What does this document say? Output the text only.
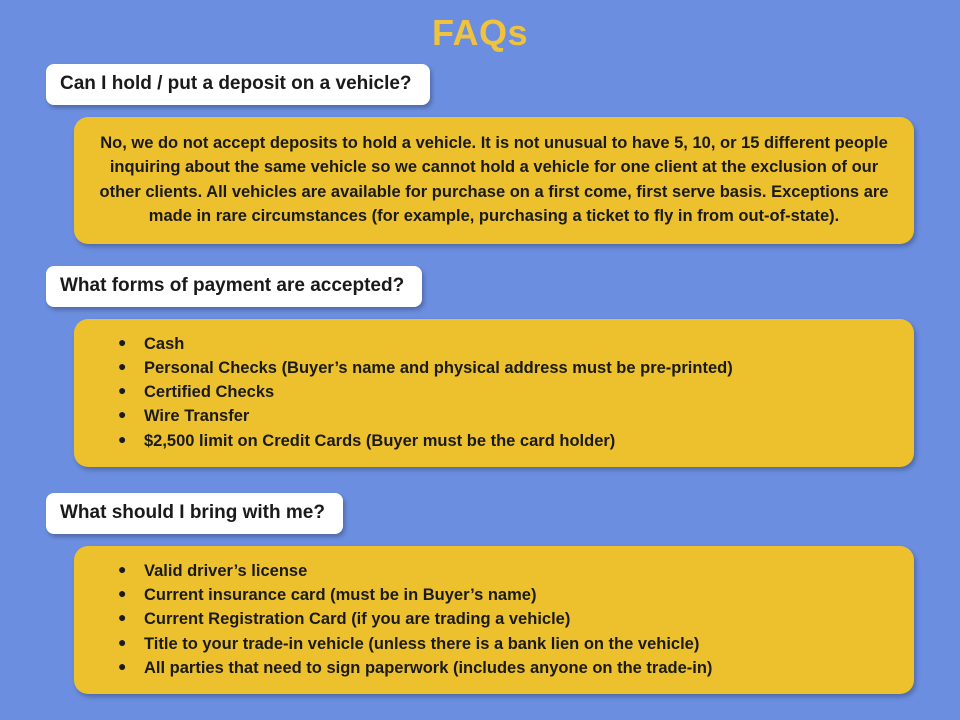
FAQs
Can I hold / put a deposit on a vehicle?
No, we do not accept deposits to hold a vehicle. It is not unusual to have 5, 10, or 15 different people inquiring about the same vehicle so we cannot hold a vehicle for one client at the exclusion of our other clients. All vehicles are available for purchase on a first come, first serve basis. Exceptions are made in rare circumstances (for example, purchasing a ticket to fly in from out-of-state).
What forms of payment are accepted?
● Cash
● Personal Checks (Buyer’s name and physical address must be pre-printed)
● Certified Checks
● Wire Transfer
● $2,500 limit on Credit Cards (Buyer must be the card holder)
What should I bring with me?
● Valid driver’s license
● Current insurance card (must be in Buyer’s name)
● Current Registration Card (if you are trading a vehicle)
● Title to your trade-in vehicle (unless there is a bank lien on the vehicle)
● All parties that need to sign paperwork (includes anyone on the trade-in)
